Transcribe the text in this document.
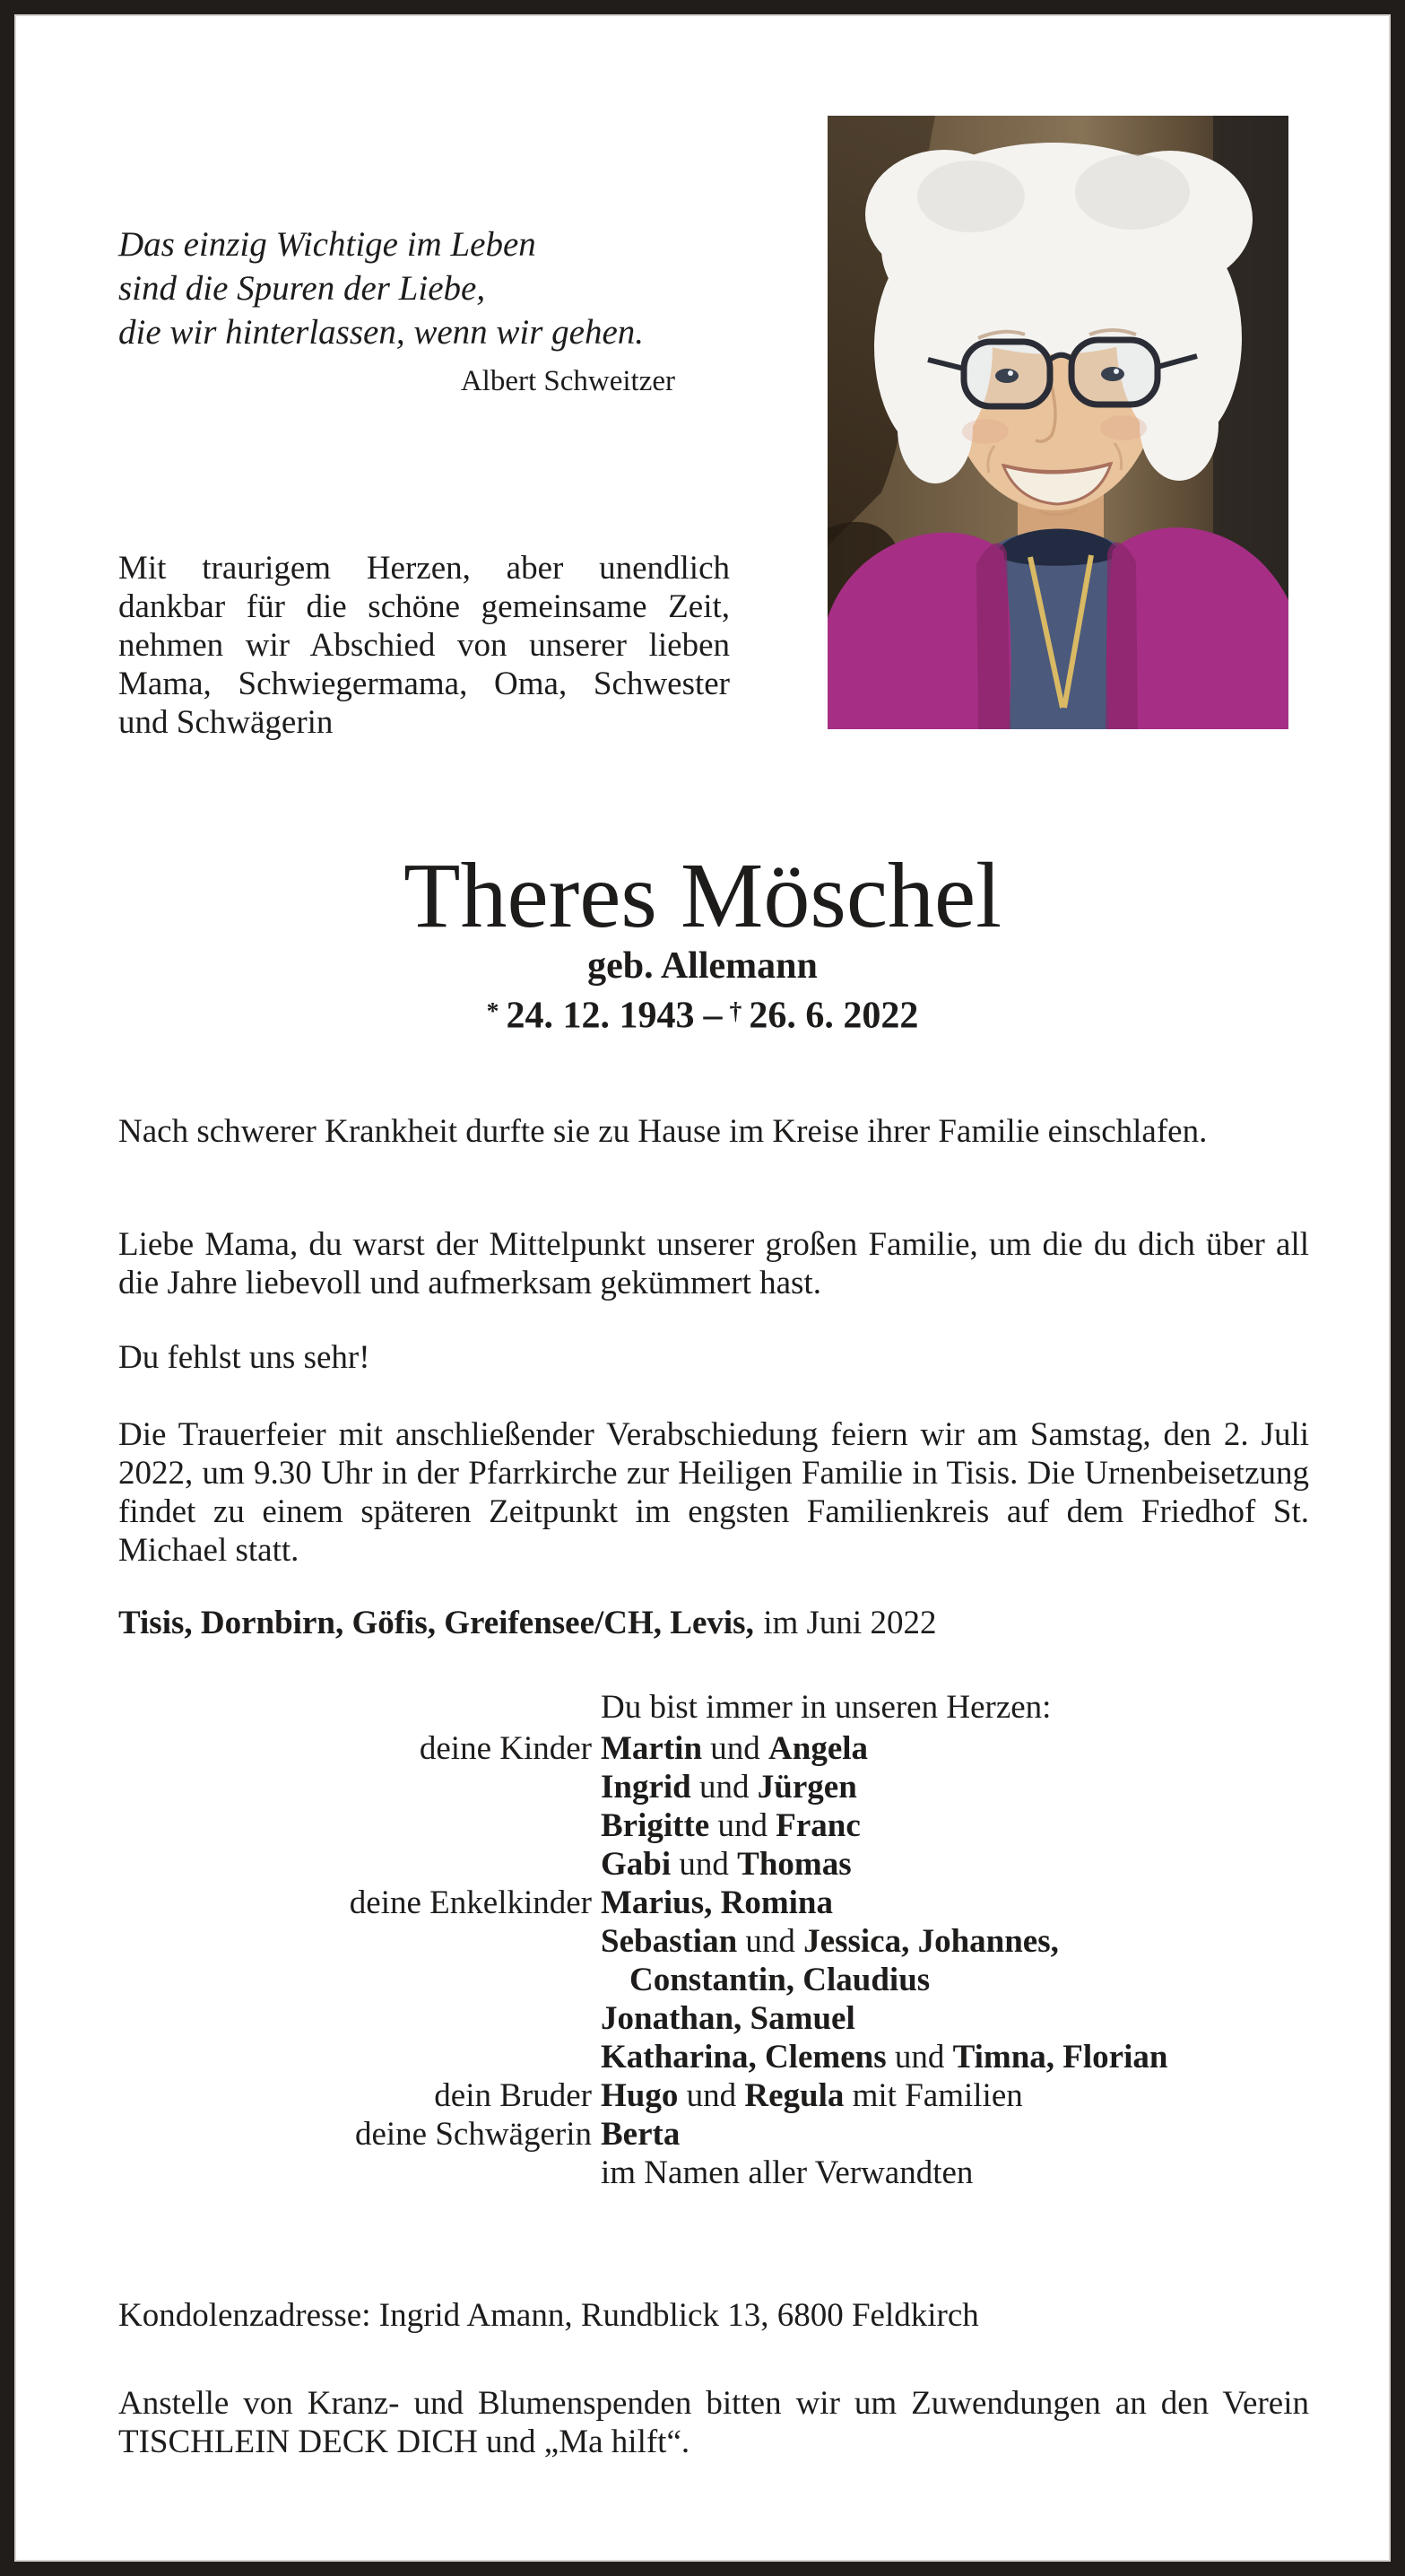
Das einzig Wichtige im Leben
sind die Spuren der Liebe,
die wir hinterlassen, wenn wir gehen.
Albert Schweitzer
Mit traurigem Herzen, aber unendlich dankbar für die schöne gemeinsame Zeit, nehmen wir Abschied von unserer lieben Mama, Schwiegermama, Oma, Schwester und Schwägerin
Theres Möschel
geb. Allemann
* 24. 12. 1943 – † 26. 6. 2022
Nach schwerer Krankheit durfte sie zu Hause im Kreise ihrer Familie einschlafen.
Liebe Mama, du warst der Mittelpunkt unserer großen Familie, um die du dich über all die Jahre liebevoll und aufmerksam gekümmert hast.
Du fehlst uns sehr!
Die Trauerfeier mit anschließender Verabschiedung feiern wir am Samstag, den 2. Juli 2022, um 9.30 Uhr in der Pfarrkirche zur Heiligen Familie in Tisis. Die Urnenbeisetzung findet zu einem späteren Zeitpunkt im engsten Familienkreis auf dem Friedhof St. Michael statt.
Tisis, Dornbirn, Göfis, Greifensee/CH, Levis, im Juni 2022
Du bist immer in unseren Herzen:
deine Kinder Martin und Angela
Ingrid und Jürgen
Brigitte und Franc
Gabi und Thomas
deine Enkelkinder Marius, Romina
Sebastian und Jessica, Johannes,
Constantin, Claudius
Jonathan, Samuel
Katharina, Clemens und Timna, Florian
dein Bruder Hugo und Regula mit Familien
deine Schwägerin Berta
im Namen aller Verwandten
Kondolenzadresse: Ingrid Amann, Rundblick 13, 6800 Feldkirch
Anstelle von Kranz- und Blumenspenden bitten wir um Zuwendungen an den Verein TISCHLEIN DECK DICH und „Ma hilft“.
